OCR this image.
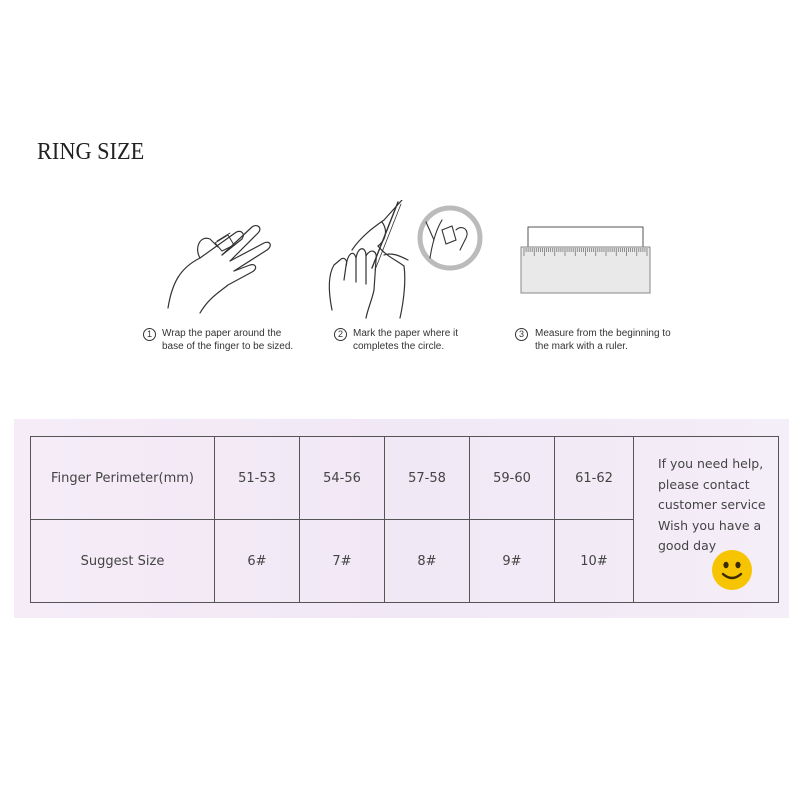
RING SIZE
1	Wrap the paper around the
base of the finger to be sized.
2	Mark the paper where it
completes the circle.
3	Measure from the beginning to
the mark with a ruler.
Finger Perimeter(mm)	51-53	54-56	57-58	59-60	61-62	If you need help,
please contact
customer service
Wish you have a
good day

Suggest Size	6#	7#	8#	9#	10#	
